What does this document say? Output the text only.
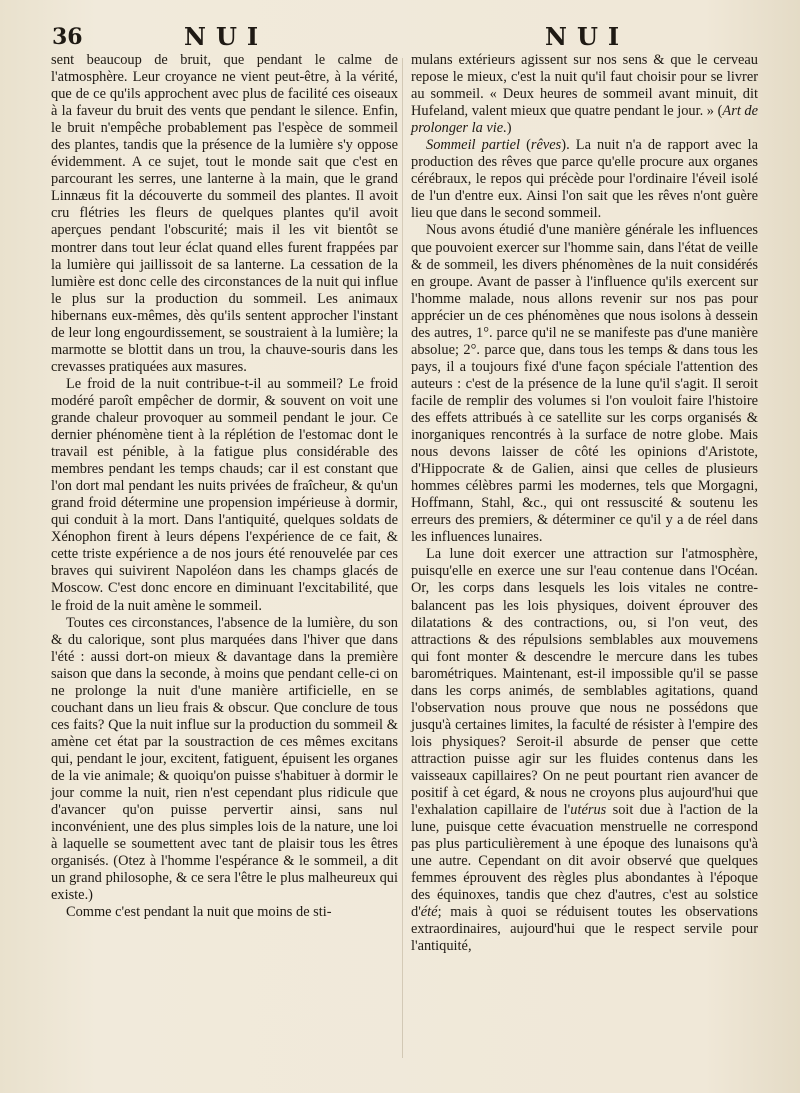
36	NUI	NUI

sent beaucoup de bruit, que pendant le calme de l'atmosphère. Leur croyance ne vient peut-être, à la vérité, que de ce qu'ils approchent avec plus de facilité ces oiseaux à la faveur du bruit des vents que pendant le silence. Enfin, le bruit n'empêche probablement pas l'espèce de sommeil des plantes, tandis que la présence de la lumière s'y oppose évidemment. A ce sujet, tout le monde sait que c'est en parcourant les serres, une lanterne à la main, que le grand Linnæus fit la découverte du sommeil des plantes. Il avoit cru flétries les fleurs de quelques plantes qu'il avoit aperçues pendant l'obscurité; mais il les vit bientôt se montrer dans tout leur éclat quand elles furent frappées par la lumière qui jaillissoit de sa lanterne. La cessation de la lumière est donc celle des circonstances de la nuit qui influe le plus sur la production du sommeil. Les animaux hibernans eux-mêmes, dès qu'ils sentent approcher l'instant de leur long engourdissement, se soustraient à la lumière; la marmotte se blottit dans un trou, la chauve-souris dans les crevasses pratiquées aux masures.

Le froid de la nuit contribue-t-il au sommeil? Le froid modéré paroît empêcher de dormir, & souvent on voit une grande chaleur provoquer au sommeil pendant le jour. Ce dernier phénomène tient à la réplétion de l'estomac dont le travail est pénible, à la fatigue plus considérable des membres pendant les temps chauds; car il est constant que l'on dort mal pendant les nuits privées de fraîcheur, & qu'un grand froid détermine une propension impérieuse à dormir, qui conduit à la mort. Dans l'antiquité, quelques soldats de Xénophon firent à leurs dépens l'expérience de ce fait, & cette triste expérience a de nos jours été renouvelée par ces braves qui suivirent Napoléon dans les champs glacés de Moscow. C'est donc encore en diminuant l'excitabilité, que le froid de la nuit amène le sommeil.

Toutes ces circonstances, l'absence de la lumière, du son & du calorique, sont plus marquées dans l'hiver que dans l'été : aussi dort-on mieux & davantage dans la première saison que dans la seconde, à moins que pendant celle-ci on ne prolonge la nuit d'une manière artificielle, en se couchant dans un lieu frais & obscur. Que conclure de tous ces faits? Que la nuit influe sur la production du sommeil & amène cet état par la soustraction de ces mêmes excitans qui, pendant le jour, excitent, fatiguent, épuisent les organes de la vie animale; & quoiqu'on puisse s'habituer à dormir le jour comme la nuit, rien n'est cependant plus ridicule que d'avancer qu'on puisse pervertir ainsi, sans nul inconvénient, une des plus simples lois de la nature, une loi à laquelle se soumettent avec tant de plaisir tous les êtres organisés. (Otez à l'homme l'espérance & le sommeil, a dit un grand philosophe, & ce sera l'être le plus malheureux qui existe.)

Comme c'est pendant la nuit que moins de sti-

mulans extérieurs agissent sur nos sens & que le cerveau repose le mieux, c'est la nuit qu'il faut choisir pour se livrer au sommeil. « Deux heures de sommeil avant minuit, dit Hufeland, valent mieux que quatre pendant le jour. » (Art de prolonger la vie.)

Sommeil partiel (rêves). La nuit n'a de rapport avec la production des rêves que parce qu'elle procure aux organes cérébraux, le repos qui précède pour l'ordinaire l'éveil isolé de l'un d'entre eux. Ainsi l'on sait que les rêves n'ont guère lieu que dans le second sommeil.

Nous avons étudié d'une manière générale les influences que pouvoient exercer sur l'homme sain, dans l'état de veille & de sommeil, les divers phénomènes de la nuit considérés en groupe. Avant de passer à l'influence qu'ils exercent sur l'homme malade, nous allons revenir sur nos pas pour apprécier un de ces phénomènes que nous isolons à dessein des autres, 1°. parce qu'il ne se manifeste pas d'une manière absolue; 2°. parce que, dans tous les temps & dans tous les pays, il a toujours fixé d'une façon spéciale l'attention des auteurs : c'est de la présence de la lune qu'il s'agit. Il seroit facile de remplir des volumes si l'on vouloit faire l'histoire des effets attribués à ce satellite sur les corps organisés & inorganiques rencontrés à la surface de notre globe. Mais nous devons laisser de côté les opinions d'Aristote, d'Hippocrate & de Galien, ainsi que celles de plusieurs hommes célèbres parmi les modernes, tels que Morgagni, Hoffmann, Stahl, &c., qui ont ressuscité & soutenu les erreurs des premiers, & déterminer ce qu'il y a de réel dans les influences lunaires.

La lune doit exercer une attraction sur l'atmosphère, puisqu'elle en exerce une sur l'eau contenue dans l'Océan. Or, les corps dans lesquels les lois vitales ne contre-balancent pas les lois physiques, doivent éprouver des dilatations & des contractions, ou, si l'on veut, des attractions & des répulsions semblables aux mouvemens qui font monter & descendre le mercure dans les tubes barométriques. Maintenant, est-il impossible qu'il se passe dans les corps animés, de semblables agitations, quand l'observation nous prouve que nous ne possédons que jusqu'à certaines limites, la faculté de résister à l'empire des lois physiques? Seroit-il absurde de penser que cette attraction puisse agir sur les fluides contenus dans les vaisseaux capillaires? On ne peut pourtant rien avancer de positif à cet égard, & nous ne croyons plus aujourd'hui que l'exhalation capillaire de l'utérus soit due à l'action de la lune, puisque cette évacuation menstruelle ne correspond pas plus particulièrement à une époque des lunaisons qu'à une autre. Cependant on dit avoir observé que quelques femmes éprouvent des règles plus abondantes à l'époque des équinoxes, tandis que chez d'autres, c'est au solstice d'été; mais à quoi se réduisent toutes les observations extraordinaires, aujourd'hui que le respect servile pour l'antiquité,
